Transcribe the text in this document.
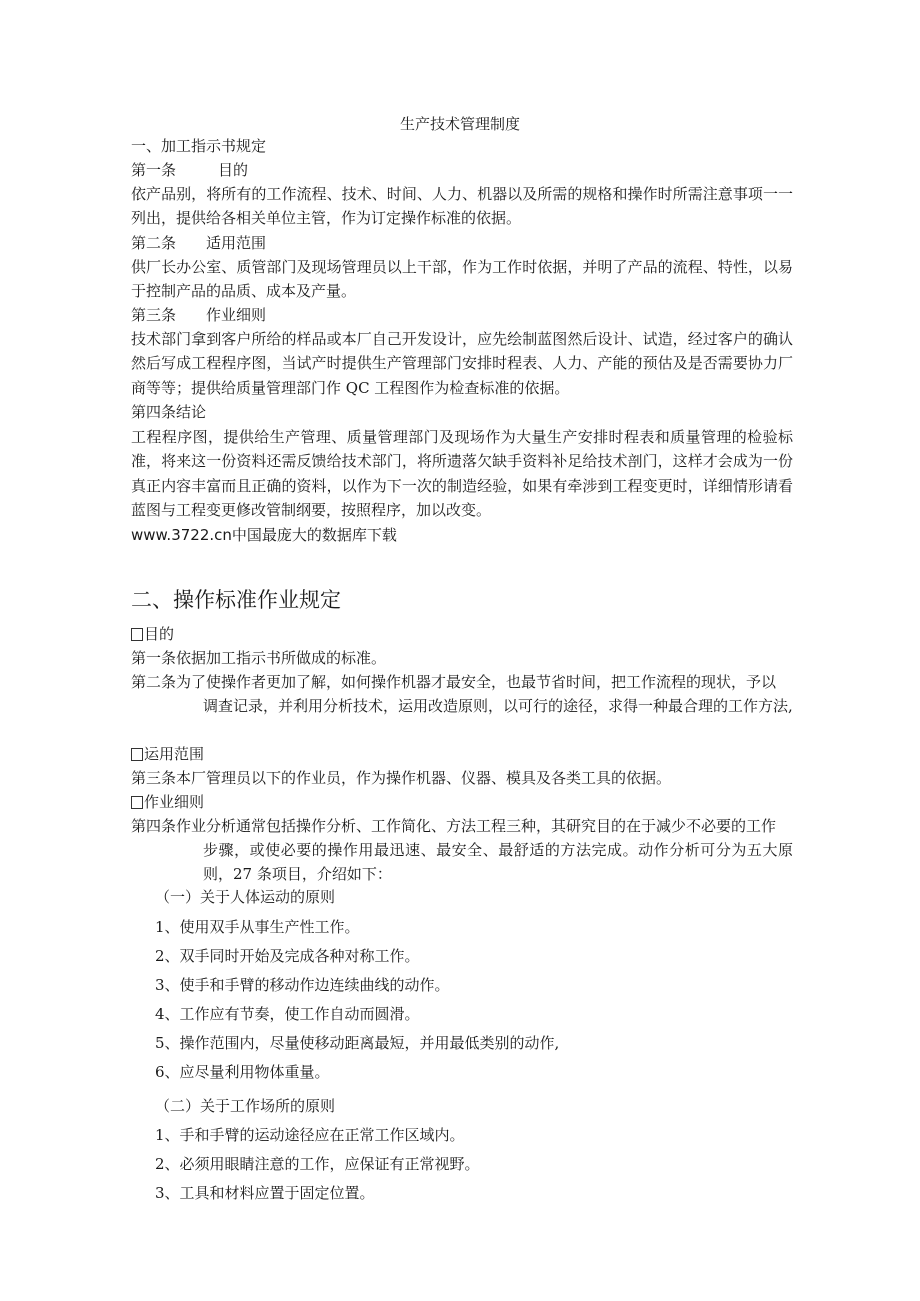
生产技术管理制度
一、加工指示书规定
第一条	目的
依产品别，将所有的工作流程、技术、时间、人力、机器以及所需的规格和操作时所需注意事项一一列出，提供给各相关单位主管，作为订定操作标准的依据。
第二条 适用范围
供厂长办公室、质管部门及现场管理员以上干部，作为工作时依据，并明了产品的流程、特性，以易于控制产品的品质、成本及产量。
第三条 作业细则
技术部门拿到客户所给的样品或本厂自己开发设计，应先绘制蓝图然后设计、试造，经过客户的确认然后写成工程程序图，当试产时提供生产管理部门安排时程表、人力、产能的预估及是否需要协力厂商等等；提供给质量管理部门作 QC 工程图作为检查标准的依据。
第四条结论
工程程序图，提供给生产管理、质量管理部门及现场作为大量生产安排时程表和质量管理的检验标准，将来这一份资料还需反馈给技术部门，将所遗落欠缺手资料补足给技术剖门，这样才会成为一份真正内容丰富而且正确的资料，以作为下一次的制造经验，如果有牵涉到工程变更时，详细情形请看蓝图与工程变更修改管制纲要，按照程序，加以改变。
www.3722.cn中国最庞大的数据库下载
二、操作标准作业规定
目的
第一条依据加工指示书所做成的标准。
第二条为了使操作者更加了解，如何操作机器才最安全，也最节省时间，把工作流程的现状，予以
调查记录，并利用分析技术，运用改造原则，以可行的途径，求得一种最合理的工作方法,
运用范围
第三条本厂管理员以下的作业员，作为操作机器、仪器、模具及各类工具的依据。
作业细则
第四条作业分析通常包括操作分析、工作简化、方法工程三种，其研究目的在于减少不必要的工作
步骤，或使必要的操作用最迅速、最安全、最舒适的方法完成。动作分析可分为五大原则，27 条项目，介绍如下：
（一）关于人体运动的原则
1、使用双手从事生产性工作。
2、双手同时开始及完成各种对称工作。
3、使手和手臂的移动作边连续曲线的动作。
4、工作应有节奏，使工作自动而圆滑。
5、操作范围内，尽量使移动距离最短，并用最低类别的动作,
6、应尽量利用物体重量。
（二）关于工作场所的原则
1、手和手臂的运动途径应在正常工作区域内。
2、必须用眼睛注意的工作，应保证有正常视野。
3、工具和材料应置于固定位置。
